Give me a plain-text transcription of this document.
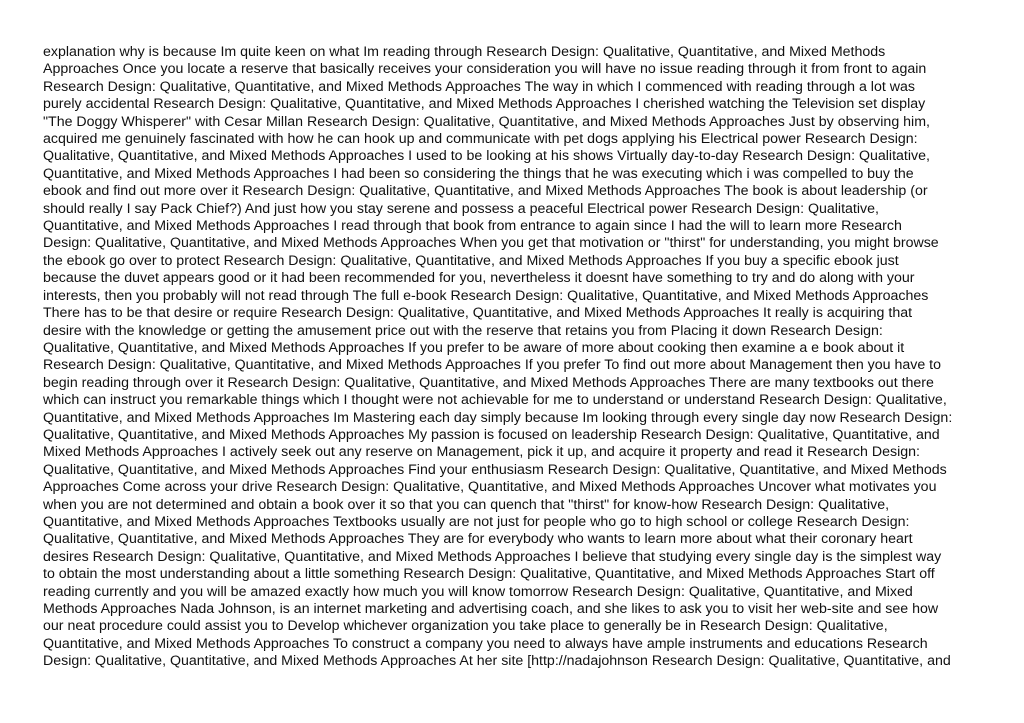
explanation why is because Im quite keen on what Im reading through Research Design: Qualitative, Quantitative, and Mixed Methods
Approaches Once you locate a reserve that basically receives your consideration you will have no issue reading through it from front to again
Research Design: Qualitative, Quantitative, and Mixed Methods Approaches The way in which I commenced with reading through a lot was
purely accidental Research Design: Qualitative, Quantitative, and Mixed Methods Approaches I cherished watching the Television set display
"The Doggy Whisperer" with Cesar Millan Research Design: Qualitative, Quantitative, and Mixed Methods Approaches Just by observing him,
acquired me genuinely fascinated with how he can hook up and communicate with pet dogs applying his Electrical power Research Design:
Qualitative, Quantitative, and Mixed Methods Approaches I used to be looking at his shows Virtually day-to-day Research Design: Qualitative,
Quantitative, and Mixed Methods Approaches I had been so considering the things that he was executing which i was compelled to buy the
ebook and find out more over it Research Design: Qualitative, Quantitative, and Mixed Methods Approaches The book is about leadership (or
should really I say Pack Chief?) And just how you stay serene and possess a peaceful Electrical power Research Design: Qualitative,
Quantitative, and Mixed Methods Approaches I read through that book from entrance to again since I had the will to learn more Research
Design: Qualitative, Quantitative, and Mixed Methods Approaches When you get that motivation or "thirst" for understanding, you might browse
the ebook go over to protect Research Design: Qualitative, Quantitative, and Mixed Methods Approaches If you buy a specific ebook just
because the duvet appears good or it had been recommended for you, nevertheless it doesnt have something to try and do along with your
interests, then you probably will not read through The full e-book Research Design: Qualitative, Quantitative, and Mixed Methods Approaches
There has to be that desire or require Research Design: Qualitative, Quantitative, and Mixed Methods Approaches It really is acquiring that
desire with the knowledge or getting the amusement price out with the reserve that retains you from Placing it down Research Design:
Qualitative, Quantitative, and Mixed Methods Approaches If you prefer to be aware of more about cooking then examine a e book about it
Research Design: Qualitative, Quantitative, and Mixed Methods Approaches If you prefer To find out more about Management then you have to
begin reading through over it Research Design: Qualitative, Quantitative, and Mixed Methods Approaches There are many textbooks out there
which can instruct you remarkable things which I thought were not achievable for me to understand or understand Research Design: Qualitative,
Quantitative, and Mixed Methods Approaches Im Mastering each day simply because Im looking through every single day now Research Design:
Qualitative, Quantitative, and Mixed Methods Approaches My passion is focused on leadership Research Design: Qualitative, Quantitative, and
Mixed Methods Approaches I actively seek out any reserve on Management, pick it up, and acquire it property and read it Research Design:
Qualitative, Quantitative, and Mixed Methods Approaches Find your enthusiasm Research Design: Qualitative, Quantitative, and Mixed Methods
Approaches Come across your drive Research Design: Qualitative, Quantitative, and Mixed Methods Approaches Uncover what motivates you
when you are not determined and obtain a book over it so that you can quench that "thirst" for know-how Research Design: Qualitative,
Quantitative, and Mixed Methods Approaches Textbooks usually are not just for people who go to high school or college Research Design:
Qualitative, Quantitative, and Mixed Methods Approaches They are for everybody who wants to learn more about what their coronary heart
desires Research Design: Qualitative, Quantitative, and Mixed Methods Approaches I believe that studying every single day is the simplest way
to obtain the most understanding about a little something Research Design: Qualitative, Quantitative, and Mixed Methods Approaches Start off
reading currently and you will be amazed exactly how much you will know tomorrow Research Design: Qualitative, Quantitative, and Mixed
Methods Approaches Nada Johnson, is an internet marketing and advertising coach, and she likes to ask you to visit her web-site and see how
our neat procedure could assist you to Develop whichever organization you take place to generally be in Research Design: Qualitative,
Quantitative, and Mixed Methods Approaches To construct a company you need to always have ample instruments and educations Research
Design: Qualitative, Quantitative, and Mixed Methods Approaches At her site [http://nadajohnson Research Design: Qualitative, Quantitative, and
